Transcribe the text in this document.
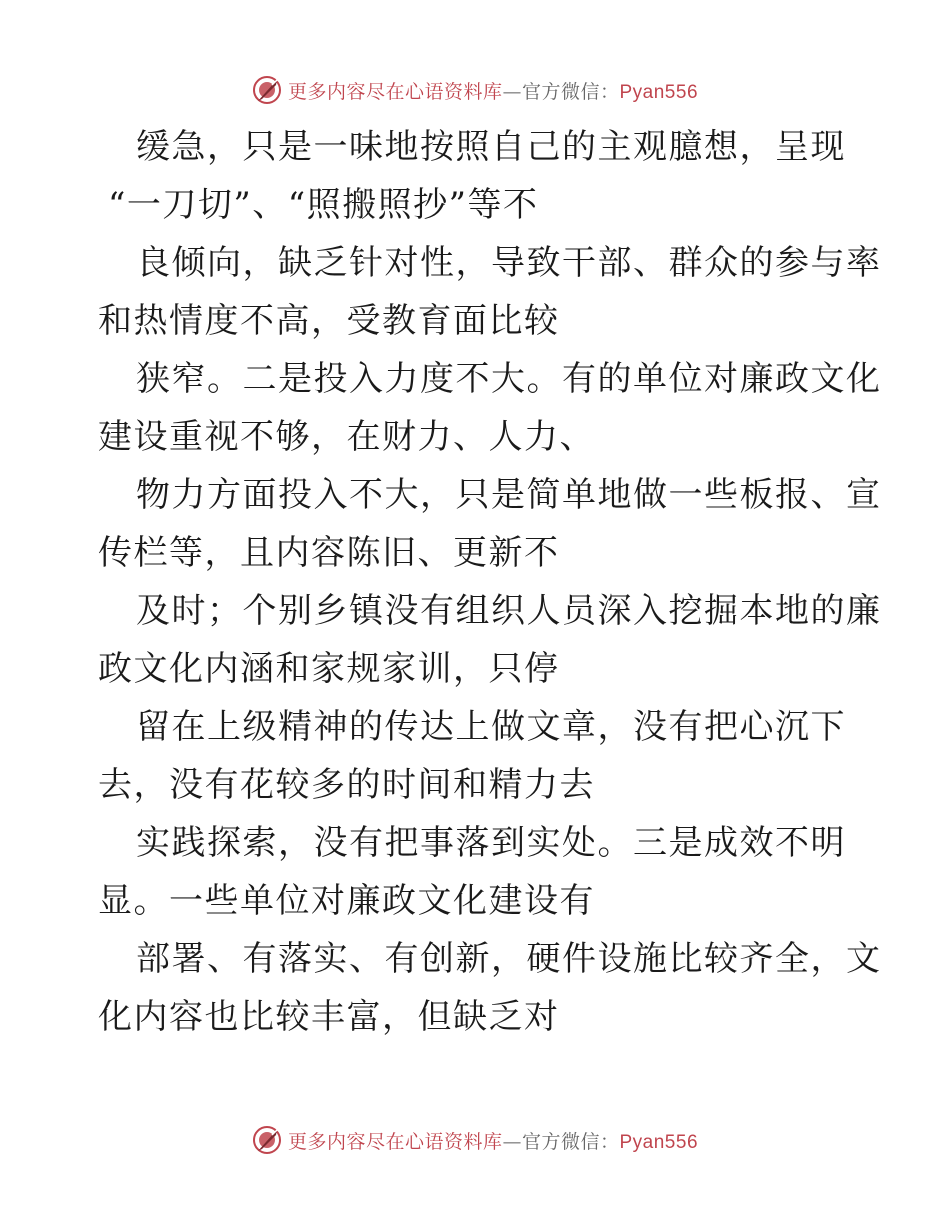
更多内容尽在心语资料库—官方微信：Pyan556
缓急，只是一味地按照自己的主观臆想，呈现
“一刀切”、“照搬照抄”等不
良倾向，缺乏针对性，导致干部、群众的参与率
和热情度不高，受教育面比较
狭窄。二是投入力度不大。有的单位对廉政文化
建设重视不够，在财力、人力、
物力方面投入不大，只是简单地做一些板报、宣
传栏等，且内容陈旧、更新不
及时；个别乡镇没有组织人员深入挖掘本地的廉
政文化内涵和家规家训，只停
留在上级精神的传达上做文章，没有把心沉下
去，没有花较多的时间和精力去
实践探索，没有把事落到实处。三是成效不明
显。一些单位对廉政文化建设有
部署、有落实、有创新，硬件设施比较齐全，文
化内容也比较丰富，但缺乏对
更多内容尽在心语资料库—官方微信：Pyan556
